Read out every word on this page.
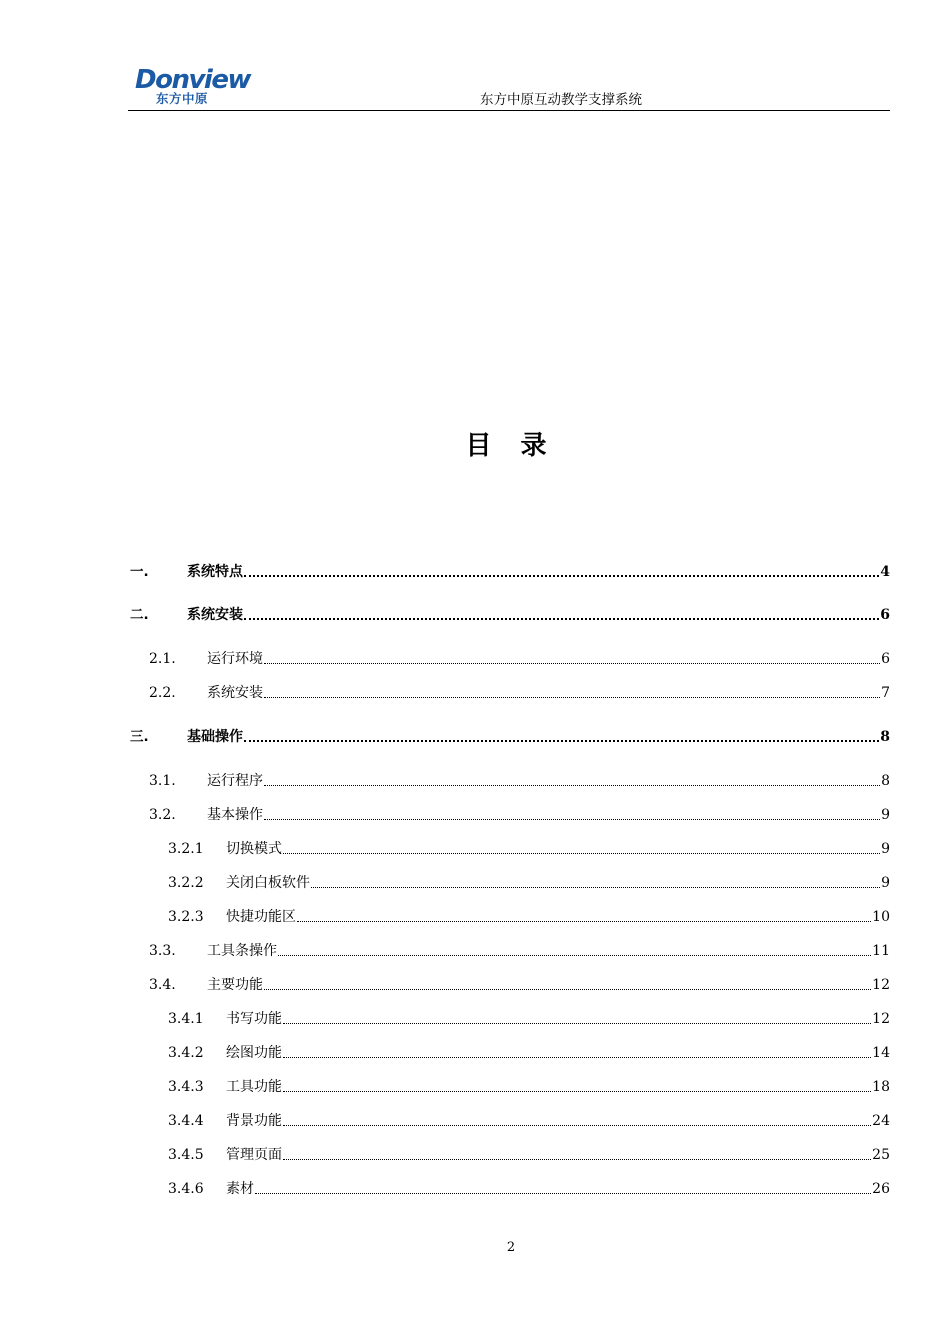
Donview
东方中原	东方中原互动教学支撑系统
目 录
一.	系统特点	4
二.	系统安装	6
2.1.	运行环境	6
2.2.	系统安装	7
三.	基础操作	8
3.1.	运行程序	8
3.2.	基本操作	9
3.2.1	切换模式	9
3.2.2	关闭白板软件	9
3.2.3	快捷功能区	10
3.3.	工具条操作	11
3.4.	主要功能	12
3.4.1	书写功能	12
3.4.2	绘图功能	14
3.4.3	工具功能	18
3.4.4	背景功能	24
3.4.5	管理页面	25
3.4.6	素材	26
2
